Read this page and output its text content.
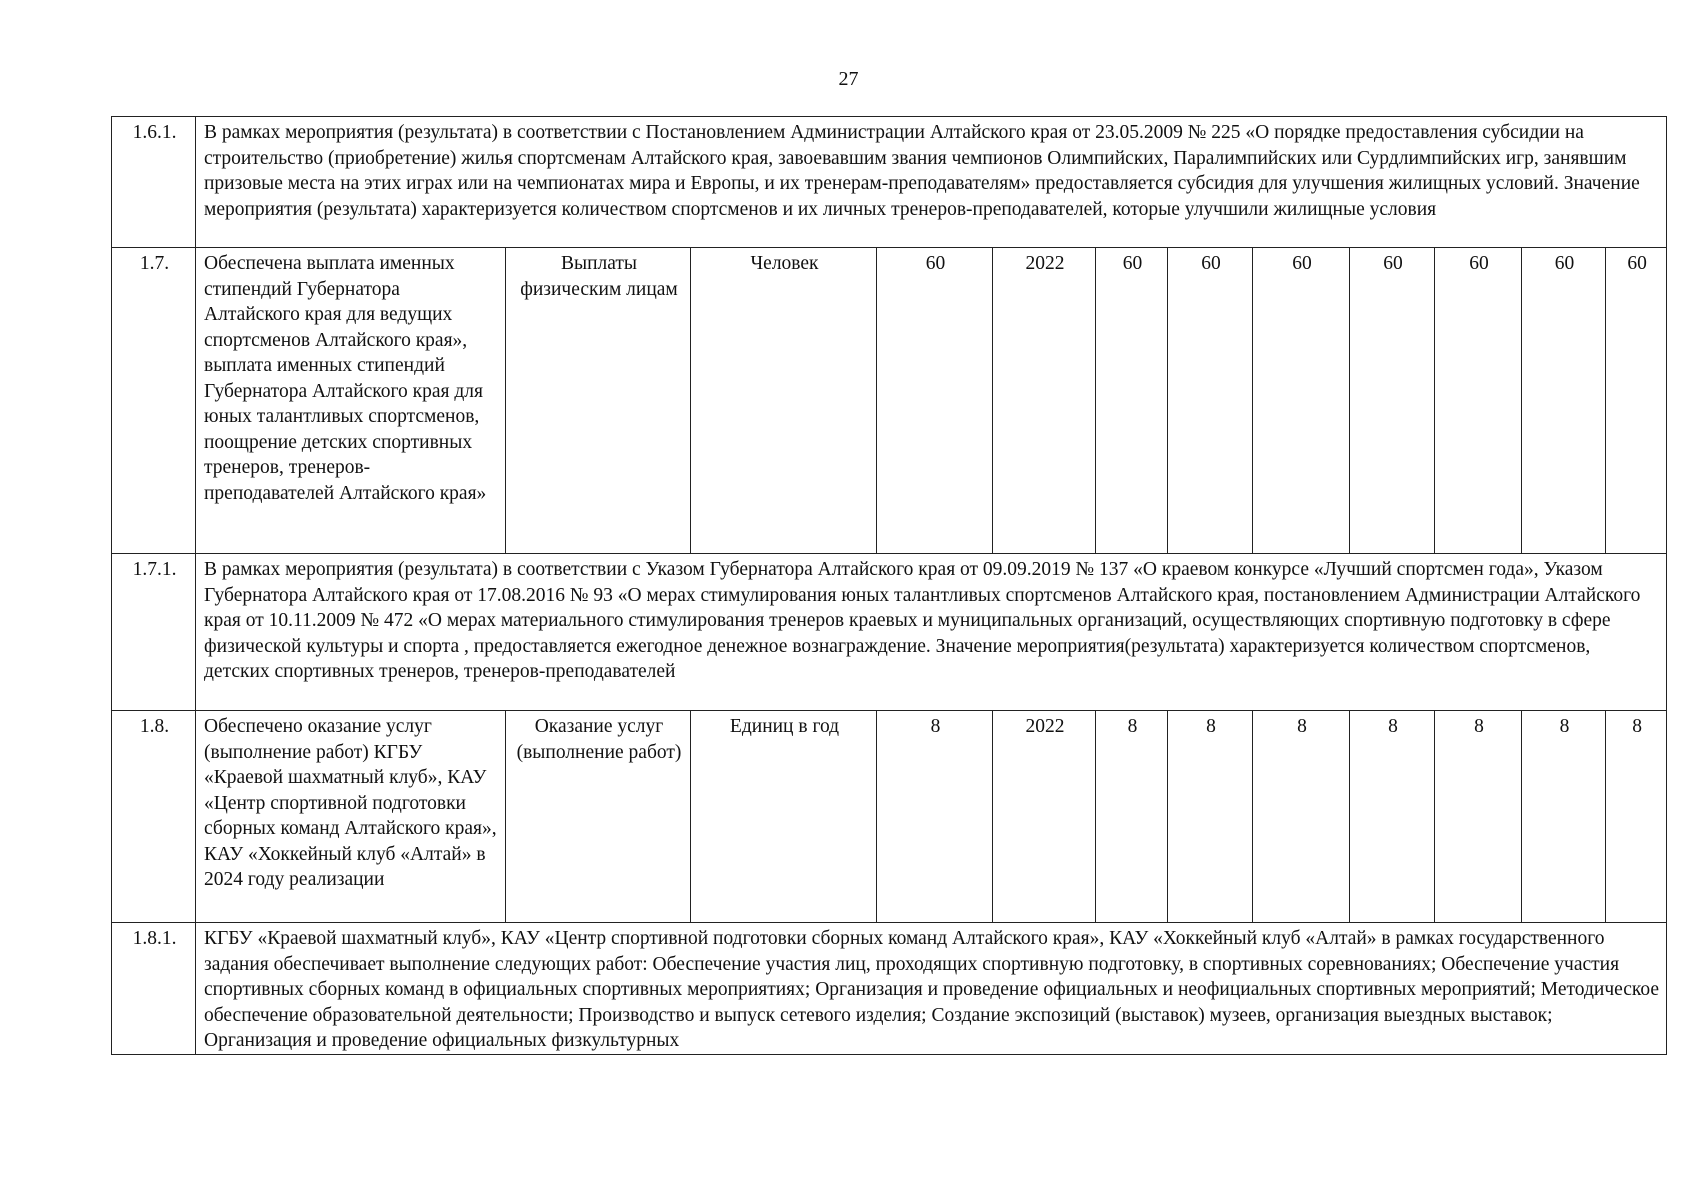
27
1.6.1.	В рамках мероприятия (результата) в соответствии с Постановлением Администрации Алтайского края от 23.05.2009 № 225 «О порядке предоставления субсидии на строительство (приобретение) жилья спортсменам Алтайского края, завоевавшим звания чемпионов Олимпийских, Паралимпийских или Сурдлимпийских игр, занявшим призовые места на этих играх или на чемпионатах мира и Европы, и их тренерам-преподавателям» предоставляется субсидия для улучшения жилищных условий. Значение мероприятия (результата) характеризуется количеством спортсменов и их личных тренеров-преподавателей, которые улучшили жилищные условия											
1.7.	Обеспечена выплата именных стипендий Губернатора Алтайского края для ведущих спортсменов Алтайского края», выплата именных стипендий Губернатора Алтайского края для юных талантливых спортсменов, поощрение детских спортивных тренеров, тренеров-преподавателей Алтайского края»	Выплаты физическим лицам	Человек	60	2022	60	60	60	60	60	60	60
1.7.1.	В рамках мероприятия (результата) в соответствии с Указом Губернатора Алтайского края от 09.09.2019 № 137 «О краевом конкурсе «Лучший спортсмен года», Указом Губернатора Алтайского края от 17.08.2016 № 93 «О мерах стимулирования юных талантливых спортсменов Алтайского края, постановлением Администрации Алтайского края от 10.11.2009 № 472 «О мерах материального стимулирования тренеров краевых и муниципальных организаций, осуществляющих спортивную подготовку в сфере физической культуры и спорта , предоставляется ежегодное денежное вознаграждение. Значение мероприятия(результата) характеризуется количеством спортсменов, детских спортивных тренеров, тренеров-преподавателей											
1.8.	Обеспечено оказание услуг (выполнение работ) КГБУ «Краевой шахматный клуб», КАУ «Центр спортивной подготовки сборных команд Алтайского края», КАУ «Хоккейный клуб «Алтай» в 2024 году реализации	Оказание услуг (выполнение работ)	Единиц в год	8	2022	8	8	8	8	8	8	8
1.8.1.	КГБУ «Краевой шахматный клуб», КАУ «Центр спортивной подготовки сборных команд Алтайского края», КАУ «Хоккейный клуб «Алтай» в рамках государственного задания обеспечивает выполнение следующих работ: Обеспечение участия лиц, проходящих спортивную подготовку, в спортивных соревнованиях; Обеспечение участия спортивных сборных команд в официальных спортивных мероприятиях; Организация и проведение официальных и неофициальных спортивных мероприятий; Методическое обеспечение образовательной деятельности; Производство и выпуск сетевого изделия; Создание экспозиций (выставок) музеев, организация выездных выставок; Организация и проведение официальных физкультурных											
